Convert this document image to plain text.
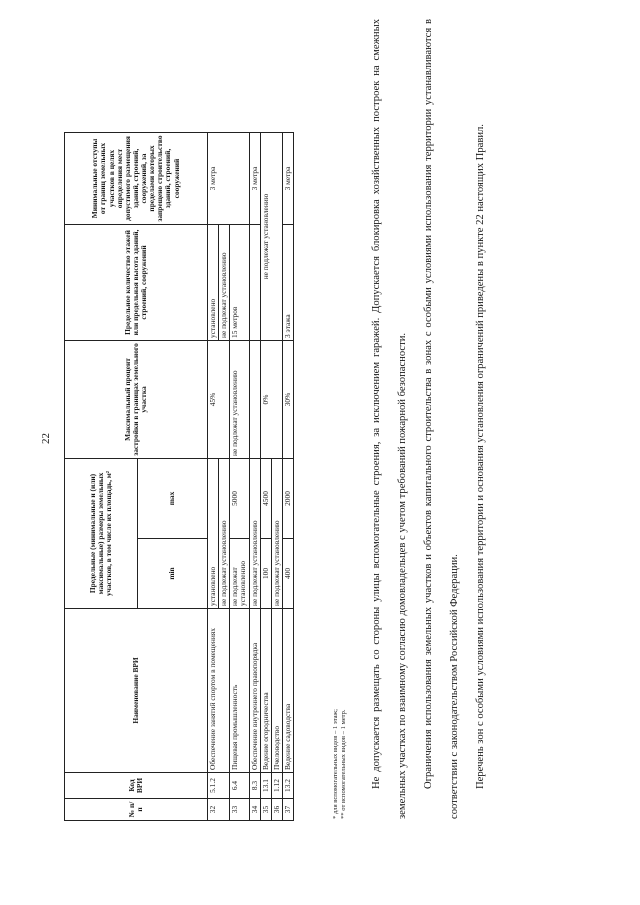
22
№ п/п	Код ВРИ	Наименование ВРИ	Предельные (минимальные и (или) максимальные) размеры земельных участков, в том числе их площадь, м²		Максимальный процент застройки в границах земельного участка	Предельное количество этажей или предельная высота зданий, строений, сооружений	Минимальные отступы от границ земельных участков в целях определения мест допустимого размещения зданий, строений, сооружений, за пределами которых запрещено строительство зданий, строений, сооружений
			min	max			
32	5.1.2	Обеспечение занятий спортом в помещениях	установлено		45%	установлено	3 метра
			не подлежат установлению			не подлежат установлению	
33	6.4	Пищевая промышленность	не подлежат установлению	5000	не подлежат установлению	15 метров	
34	8.3	Обеспечение внутреннего правопорядка	не подлежат установлению				3 метра
35	13.1	Ведение огородничества	100	4500	0%	не подлежат установлению	
36	1.12	Пчеловодство	не подлежат установлению				
37	13.2	Ведение садоводства	400	2000	30%	3 этажа	3 метра
* для вспомогательных видов – 1 этаж; ** от вспомогательных видов – 1 метр.	Не допускается размещать со стороны улицы вспомогательные строения, за исключением гаражей. Допускается блокировка хозяйственных построек на смежных земельных участках по взаимному согласию домовладельцев с учетом требований пожарной безопасности.	Ограничения использования земельных участков и объектов капитального строительства в зонах с особыми условиями использования территории устанавливаются в соответствии с законодательством Российской Федерации.	Перечень зон с особыми условиями использования территории и основания установления ограничений приведены в пункте 22 настоящих Правил.
